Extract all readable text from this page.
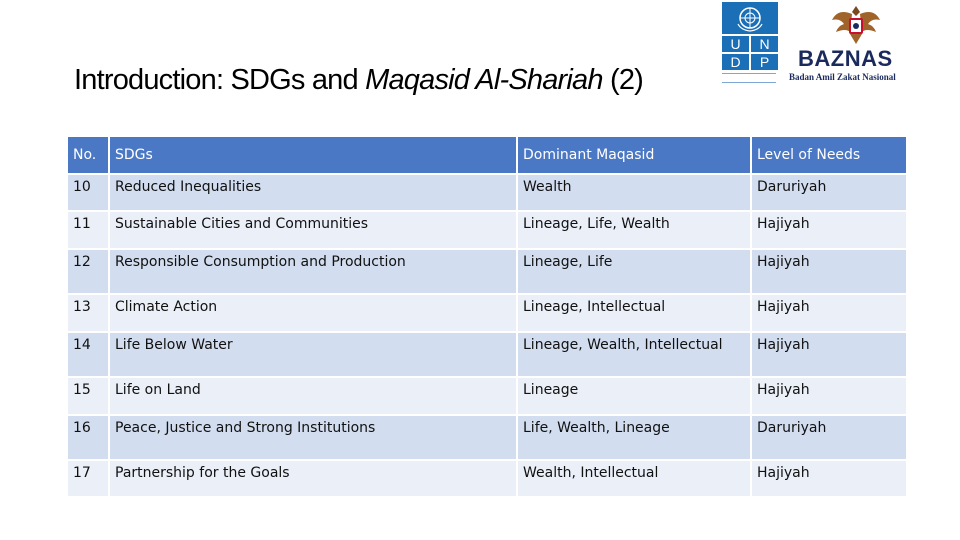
Introduction: SDGs and Maqasid Al-Shariah (2)
U	N
D	P	BAZNAS
Badan Amil Zakat Nasional
No.	SDGs	Dominant Maqasid	Level of Needs

10	Reduced Inequalities	Wealth	Daruriyah

11	Sustainable Cities and Communities	Lineage, Life, Wealth	Hajiyah

12	Responsible Consumption and Production	Lineage, Life	Hajiyah

13	Climate Action	Lineage, Intellectual	Hajiyah

14	Life Below Water	Lineage, Wealth, Intellectual	Hajiyah

15	Life on Land	Lineage	Hajiyah

16	Peace, Justice and Strong Institutions	Life, Wealth, Lineage	Daruriyah

17	Partnership for the Goals	Wealth, Intellectual	Hajiyah
